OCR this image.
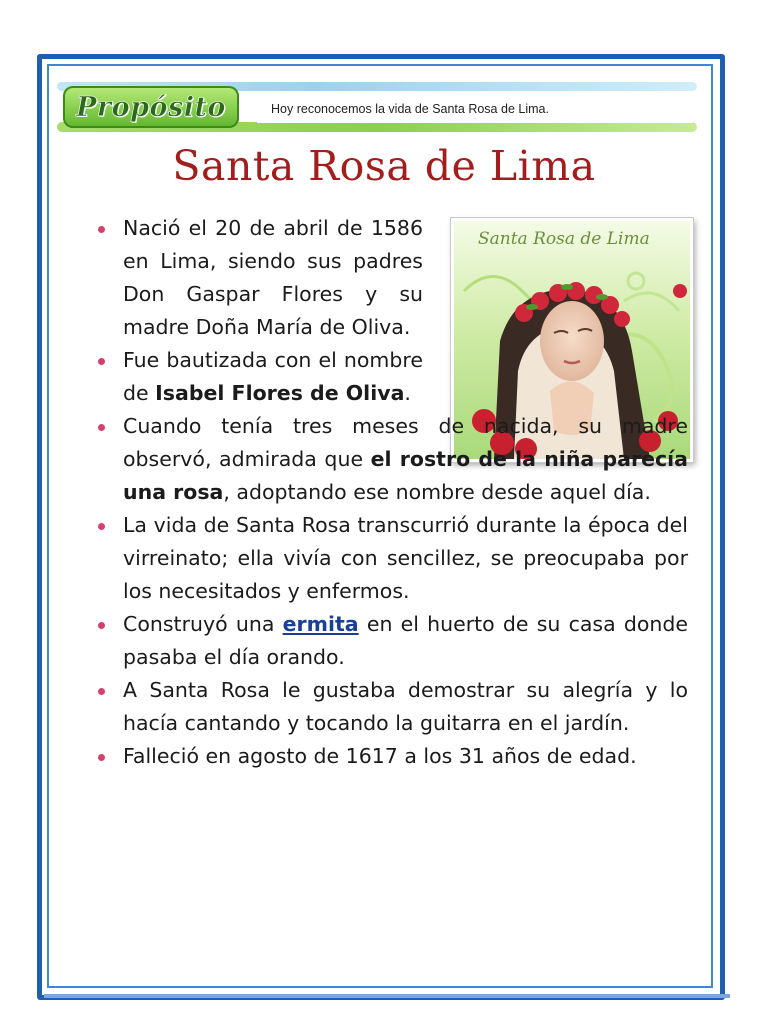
Hoy reconocemos la vida de Santa Rosa de Lima.
Propósito
Santa Rosa de Lima
Santa Rosa de Lima
Nació el 20 de abril de 1586 en Lima, siendo sus padres Don Gaspar Flores y su madre Doña María de Oliva.
Fue bautizada con el nombre de Isabel Flores de Oliva.
Cuando tenía tres meses de nacida, su madre observó, admirada que el rostro de la niña parecía una rosa, adoptando ese nombre desde aquel día.
La vida de Santa Rosa transcurrió durante la época del virreinato; ella vivía con sencillez, se preocupaba por los necesitados y enfermos.
Construyó una ermita en el huerto de su casa donde pasaba el día orando.
A Santa Rosa le gustaba demostrar su alegría y lo hacía cantando y tocando la guitarra en el jardín.
Falleció en agosto de 1617 a los 31 años de edad.
